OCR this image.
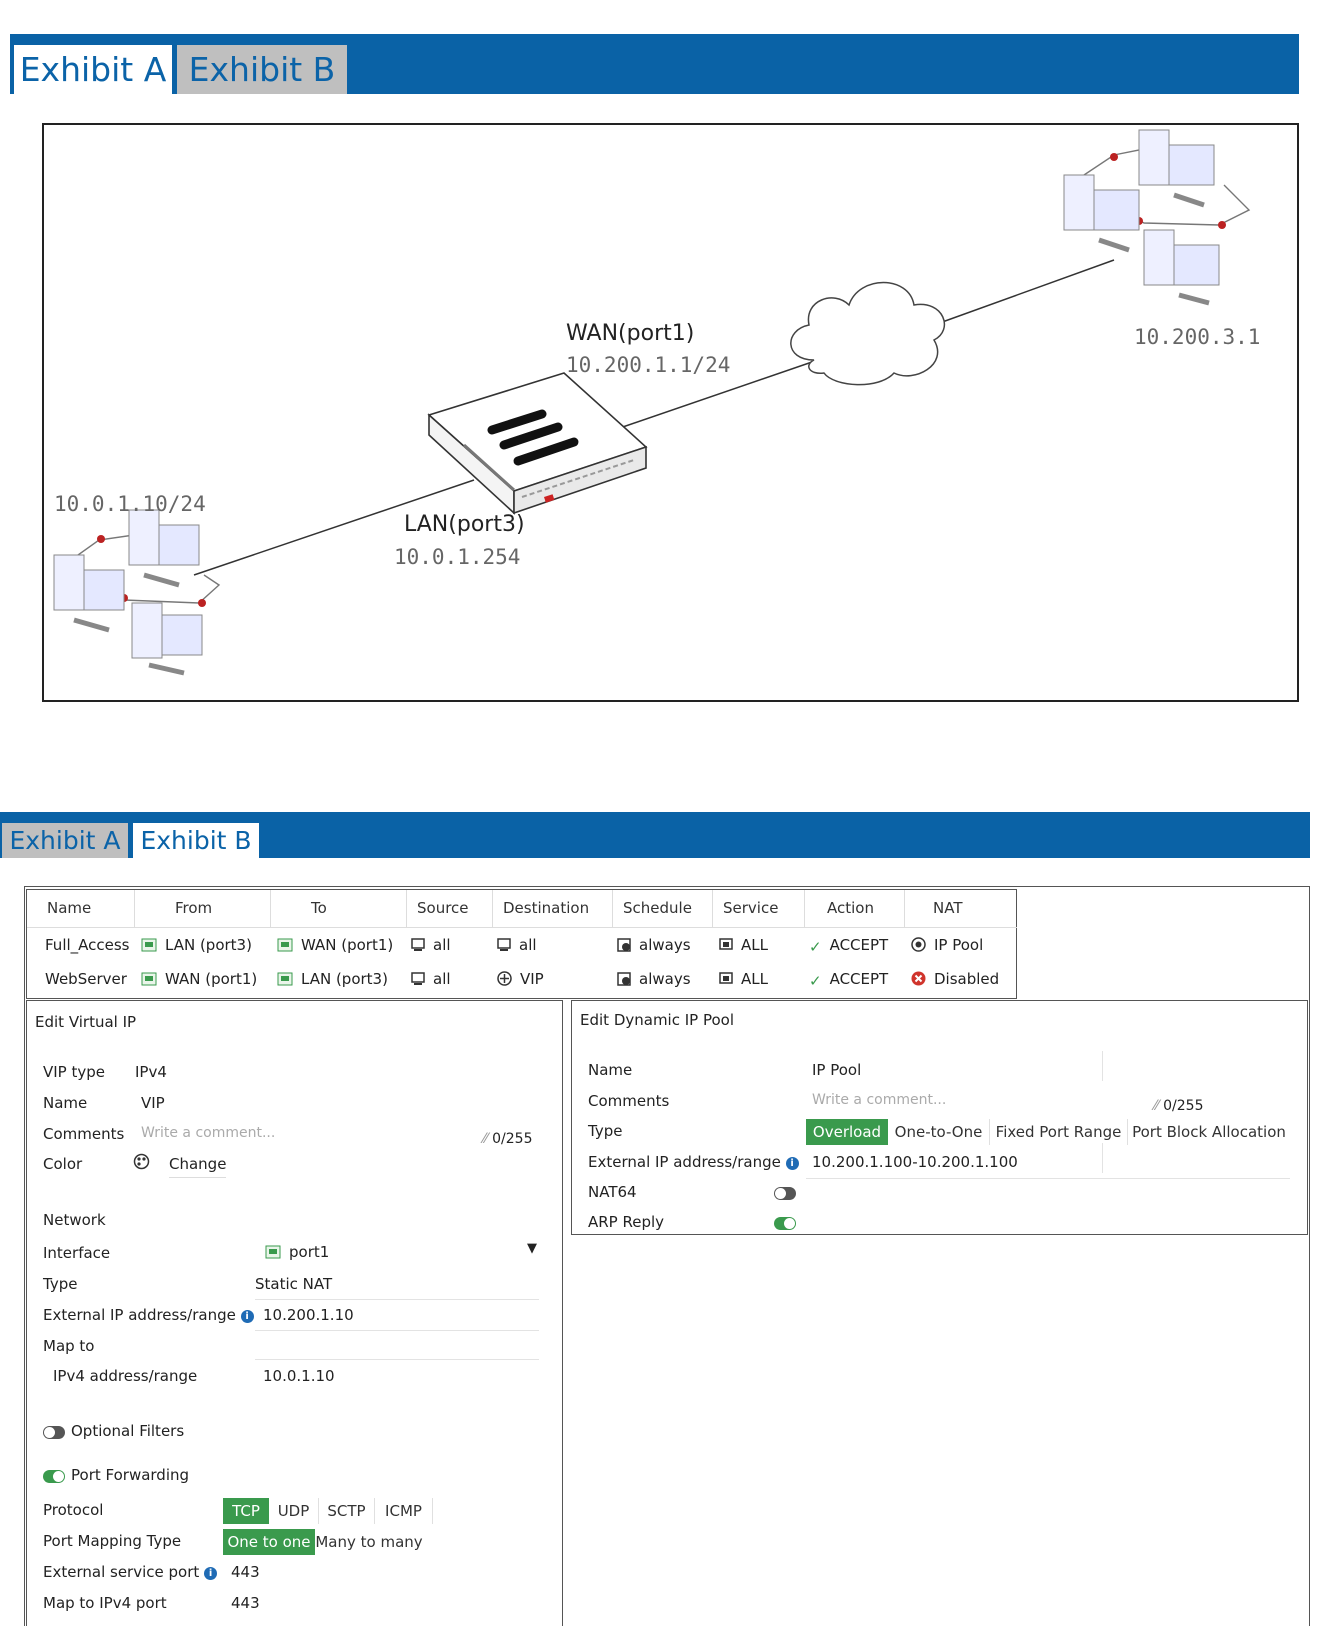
Exhibit A Exhibit B
WAN(port1)
10.200.1.1/24
10.200.3.1
10.0.1.10/24
LAN(port3)
10.0.1.254
Exhibit A Exhibit B
Name	From	To	Source	Destination	Schedule	Service	Action	NAT
Full_Access	LAN (port3)	WAN (port1)	all	all	always	ALL	✓ ACCEPT	IP Pool
WebServer	WAN (port1)	LAN (port3)	all	VIP	always	ALL	✓ ACCEPT	Disabled
Edit Virtual IP
VIP type IPv4
Name	VIP
Comments Write a comment...	⁄⁄ 0/255
Color	Change
Network
Interface	port1	▼
Type	Static NAT
External IP address/range i 10.200.1.10
Map to
IPv4 address/range	10.0.1.10
Optional Filters
Port Forwarding
Protocol	TCP	UDP	SCTP	ICMP
Port Mapping Type	One to one Many to many
External service port i	443
Map to IPv4 port	443
Edit Dynamic IP Pool
Name	IP Pool
Comments	Write a comment...	⁄⁄ 0/255
Type	Overload One-to-One Fixed Port Range Port Block Allocation
External IP address/range i	10.200.1.100-10.200.1.100
NAT64
ARP Reply
